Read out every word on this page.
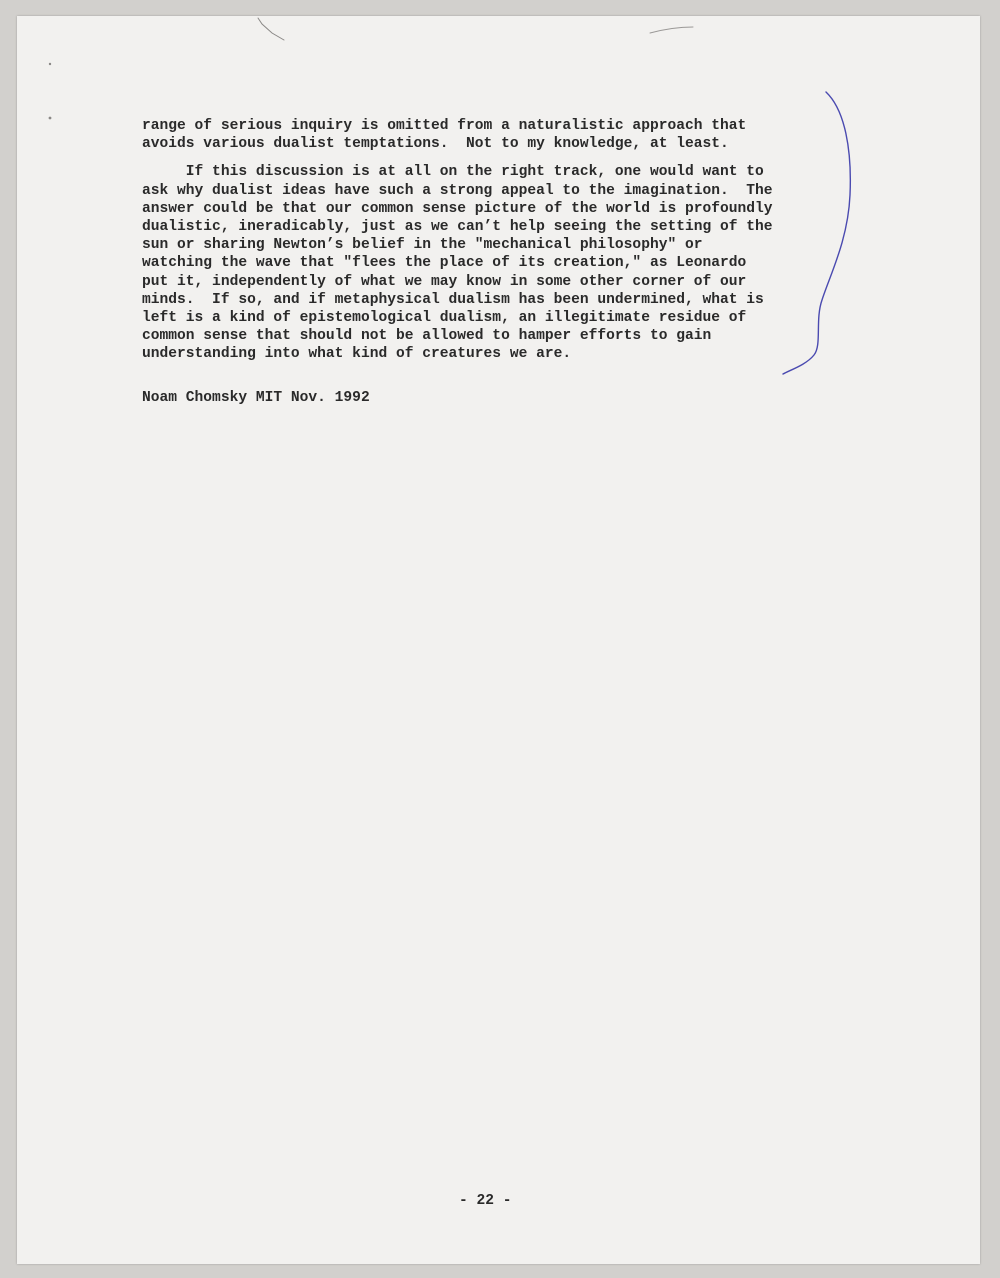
range of serious inquiry is omitted from a naturalistic approach that
avoids various dualist temptations.  Not to my knowledge, at least.
If this discussion is at all on the right track, one would want to
ask why dualist ideas have such a strong appeal to the imagination.  The
answer could be that our common sense picture of the world is profoundly
dualistic, ineradicably, just as we can’t help seeing the setting of the
sun or sharing Newton’s belief in the "mechanical philosophy" or
watching the wave that "flees the place of its creation," as Leonardo
put it, independently of what we may know in some other corner of our
minds.  If so, and if metaphysical dualism has been undermined, what is
left is a kind of epistemological dualism, an illegitimate residue of
common sense that should not be allowed to hamper efforts to gain
understanding into what kind of creatures we are.
Noam Chomsky MIT Nov. 1992
- 22 -
